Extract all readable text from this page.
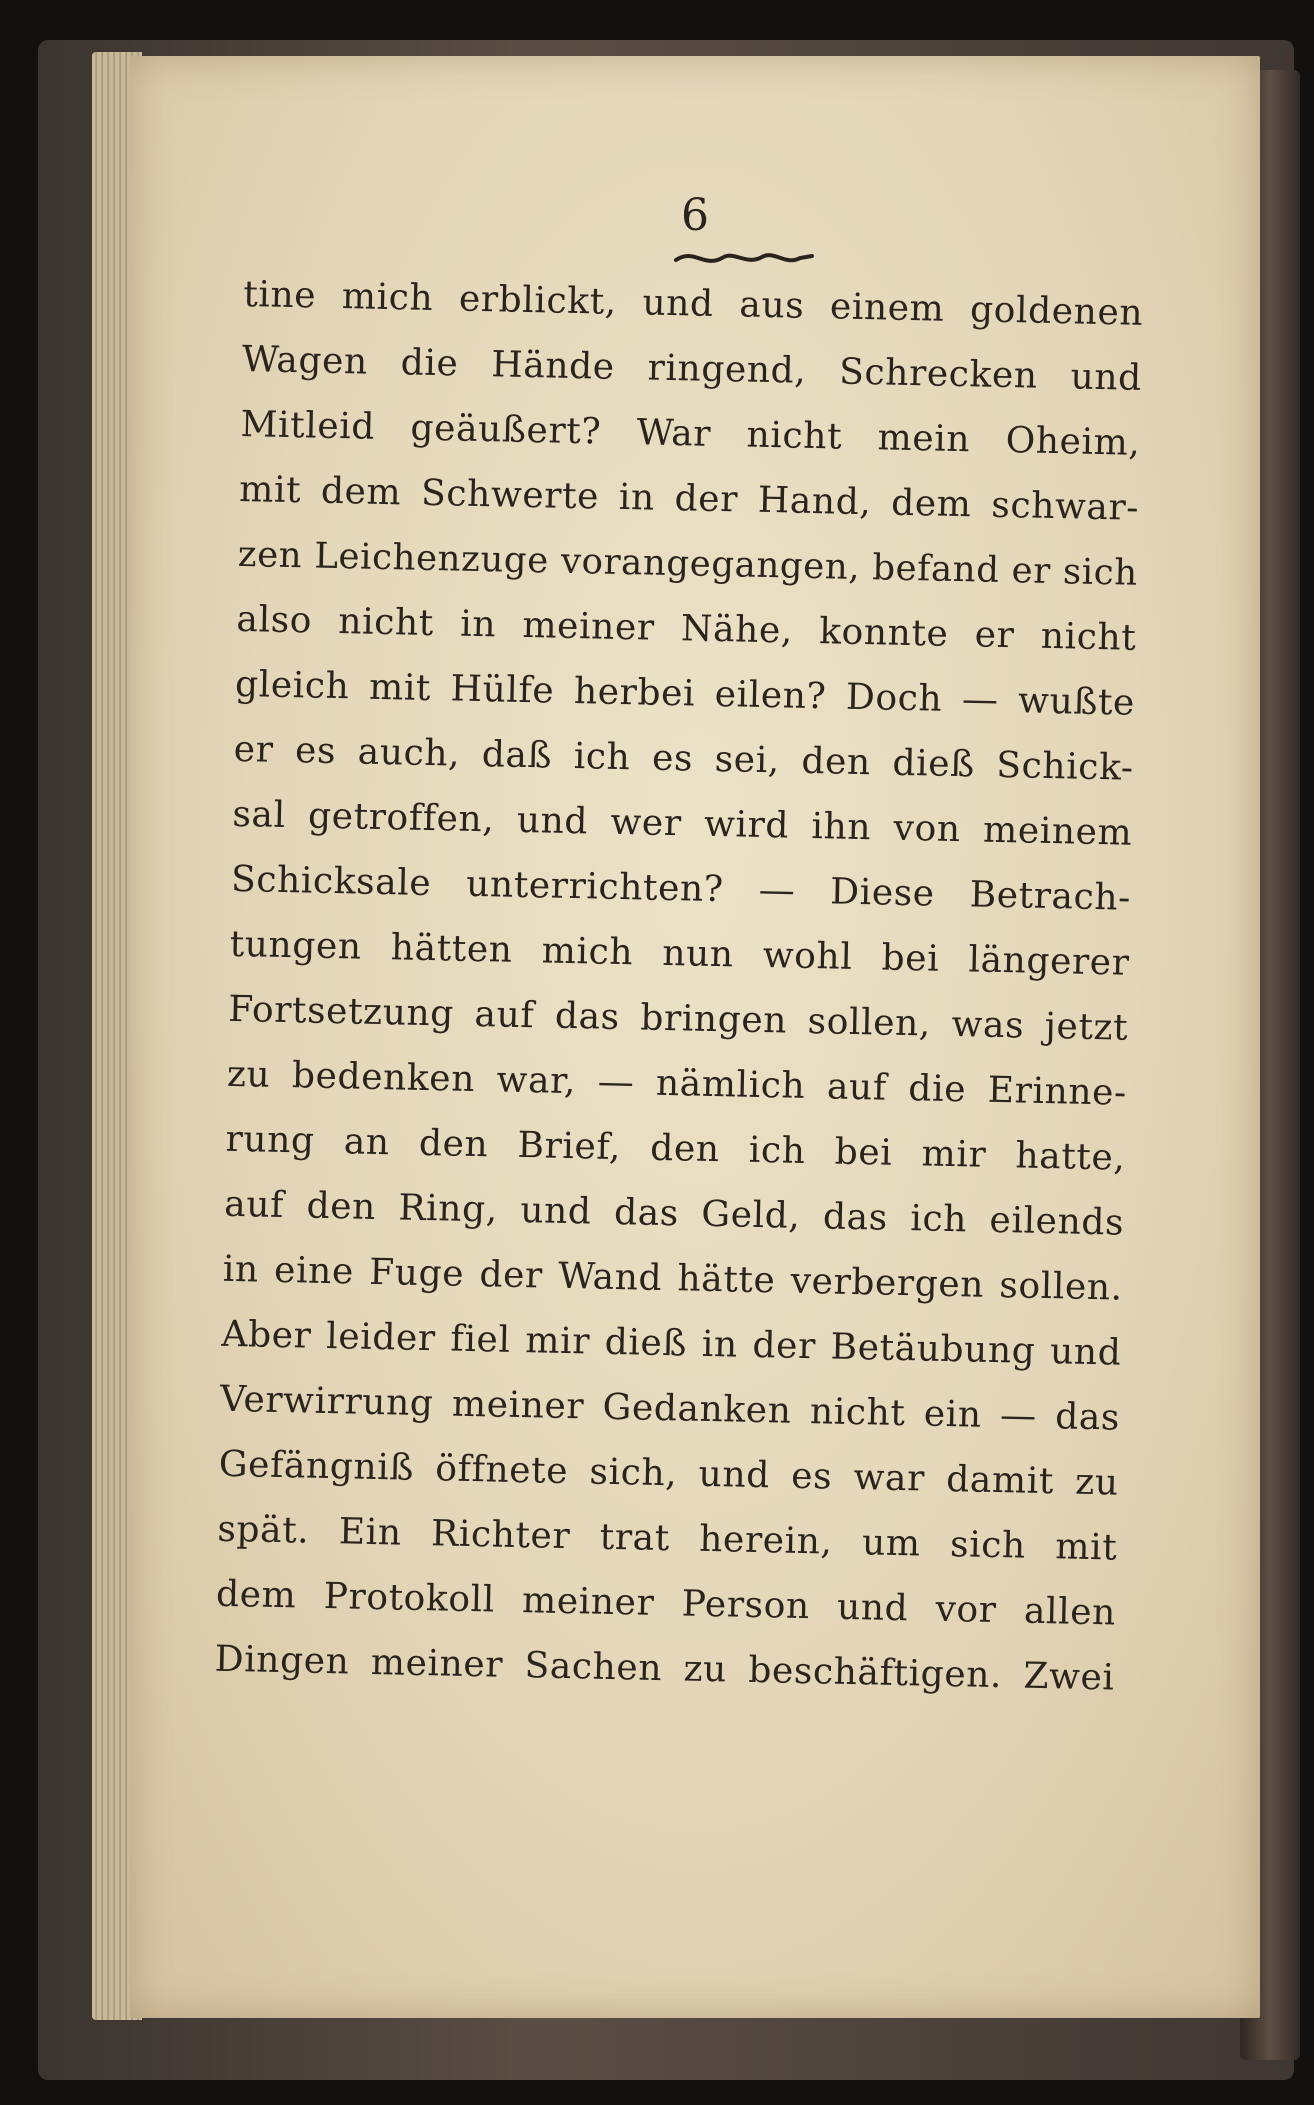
6
tine mich erblickt, und aus einem goldenen
Wagen die Hände ringend, Schrecken und
Mitleid geäußert? War nicht mein Oheim,
mit dem Schwerte in der Hand, dem schwar-
zen Leichenzuge vorangegangen, befand er sich
also nicht in meiner Nähe, konnte er nicht
gleich mit Hülfe herbei eilen? Doch — wußte
er es auch, daß ich es sei, den dieß Schick-
sal getroffen, und wer wird ihn von meinem
Schicksale unterrichten? — Diese Betrach-
tungen hätten mich nun wohl bei längerer
Fortsetzung auf das bringen sollen, was jetzt
zu bedenken war, — nämlich auf die Erinne-
rung an den Brief, den ich bei mir hatte,
auf den Ring, und das Geld, das ich eilends
in eine Fuge der Wand hätte verbergen sollen.
Aber leider fiel mir dieß in der Betäubung und
Verwirrung meiner Gedanken nicht ein — das
Gefängniß öffnete sich, und es war damit zu
spät. Ein Richter trat herein, um sich mit
dem Protokoll meiner Person und vor allen
Dingen meiner Sachen zu beschäftigen. Zwei
